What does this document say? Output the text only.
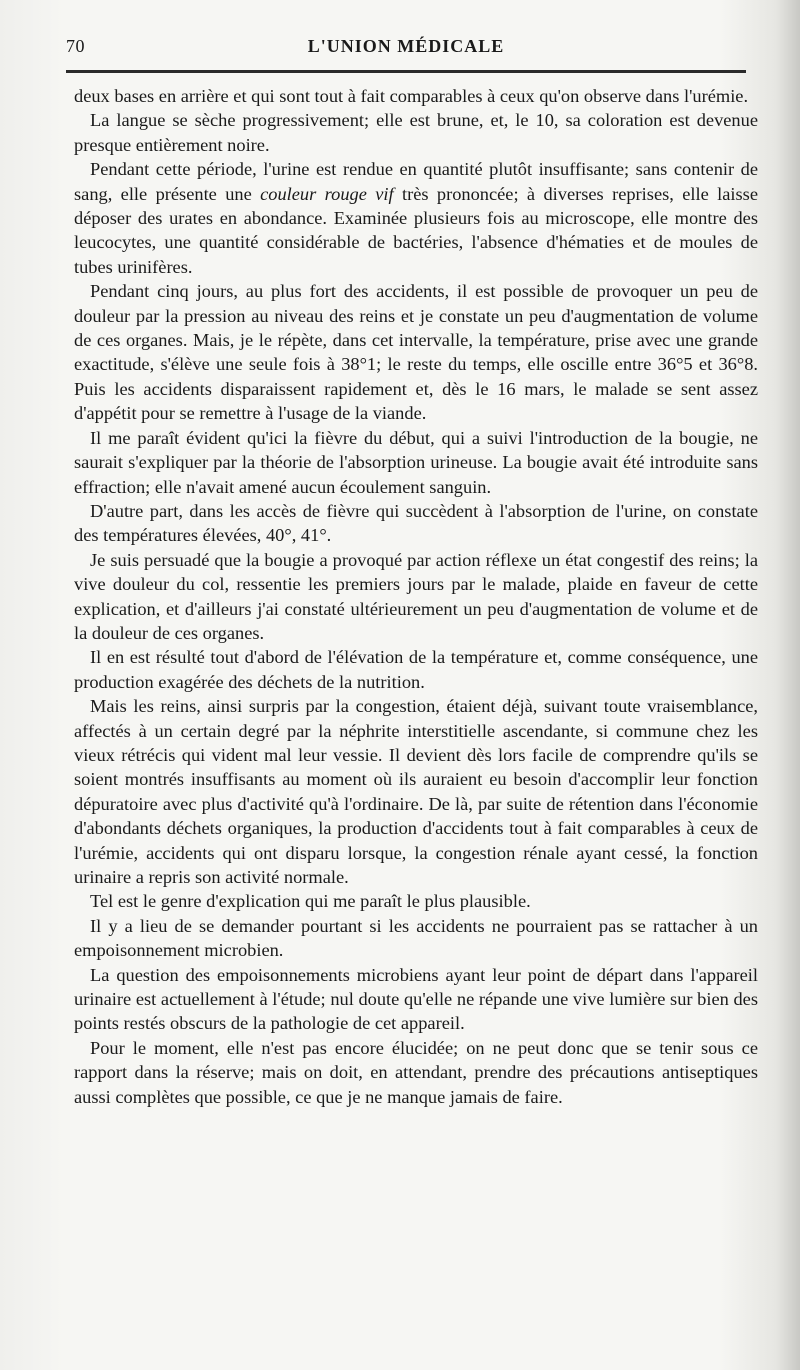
70	L'UNION MÉDICALE

deux bases en arrière et qui sont tout à fait comparables à ceux qu'on observe dans l'urémie.

La langue se sèche progressivement; elle est brune, et, le 10, sa coloration est devenue presque entièrement noire.

Pendant cette période, l'urine est rendue en quantité plutôt insuffisante; sans contenir de sang, elle présente une couleur rouge vif très prononcée; à diverses reprises, elle laisse déposer des urates en abondance. Examinée plusieurs fois au microscope, elle montre des leucocytes, une quantité considérable de bactéries, l'absence d'hématies et de moules de tubes urinifères.

Pendant cinq jours, au plus fort des accidents, il est possible de provoquer un peu de douleur par la pression au niveau des reins et je constate un peu d'augmentation de volume de ces organes. Mais, je le répète, dans cet intervalle, la température, prise avec une grande exactitude, s'élève une seule fois à 38°1; le reste du temps, elle oscille entre 36°5 et 36°8. Puis les accidents disparaissent rapidement et, dès le 16 mars, le malade se sent assez d'appétit pour se remettre à l'usage de la viande.

Il me paraît évident qu'ici la fièvre du début, qui a suivi l'introduction de la bougie, ne saurait s'expliquer par la théorie de l'absorption urineuse. La bougie avait été introduite sans effraction; elle n'avait amené aucun écoulement sanguin.

D'autre part, dans les accès de fièvre qui succèdent à l'absorption de l'urine, on constate des températures élevées, 40°, 41°.

Je suis persuadé que la bougie a provoqué par action réflexe un état congestif des reins; la vive douleur du col, ressentie les premiers jours par le malade, plaide en faveur de cette explication, et d'ailleurs j'ai constaté ultérieurement un peu d'augmentation de volume et de la douleur de ces organes.

Il en est résulté tout d'abord de l'élévation de la température et, comme conséquence, une production exagérée des déchets de la nutrition.

Mais les reins, ainsi surpris par la congestion, étaient déjà, suivant toute vraisemblance, affectés à un certain degré par la néphrite interstitielle ascendante, si commune chez les vieux rétrécis qui vident mal leur vessie. Il devient dès lors facile de comprendre qu'ils se soient montrés insuffisants au moment où ils auraient eu besoin d'accomplir leur fonction dépuratoire avec plus d'activité qu'à l'ordinaire. De là, par suite de rétention dans l'économie d'abondants déchets organiques, la production d'accidents tout à fait comparables à ceux de l'urémie, accidents qui ont disparu lorsque, la congestion rénale ayant cessé, la fonction urinaire a repris son activité normale.

Tel est le genre d'explication qui me paraît le plus plausible.

Il y a lieu de se demander pourtant si les accidents ne pourraient pas se rattacher à un empoisonnement microbien.

La question des empoisonnements microbiens ayant leur point de départ dans l'appareil urinaire est actuellement à l'étude; nul doute qu'elle ne répande une vive lumière sur bien des points restés obscurs de la pathologie de cet appareil.

Pour le moment, elle n'est pas encore élucidée; on ne peut donc que se tenir sous ce rapport dans la réserve; mais on doit, en attendant, prendre des précautions antiseptiques aussi complètes que possible, ce que je ne manque jamais de faire.
